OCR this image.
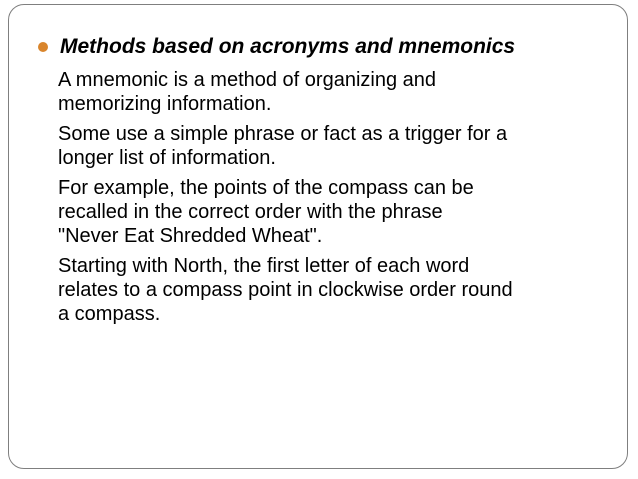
Methods based on acronyms and mnemonics

A mnemonic is a method of organizing and
memorizing information.

Some use a simple phrase or fact as a trigger for a
longer list of information.

For example, the points of the compass can be
recalled in the correct order with the phrase
"Never Eat Shredded Wheat".

Starting with North, the first letter of each word
relates to a compass point in clockwise order round
a compass.
